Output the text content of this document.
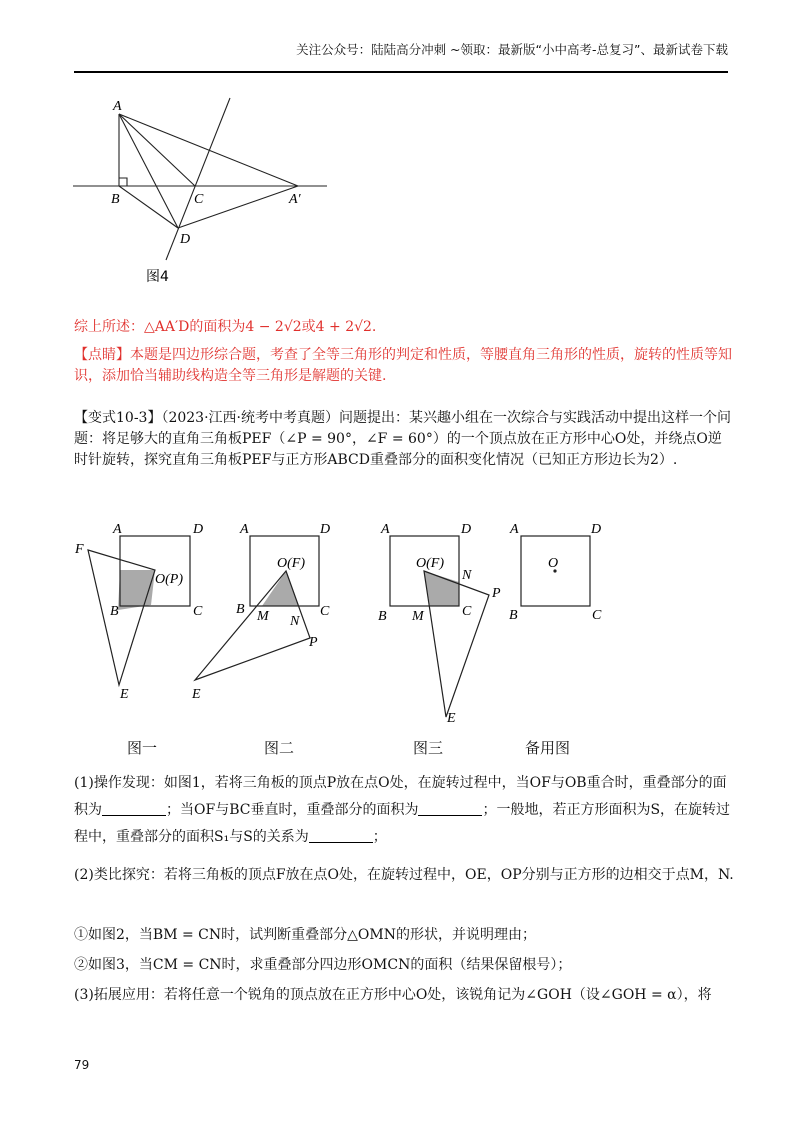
关注公众号：陆陆高分冲刺 ~领取：最新版“小中高考-总复习”、最新试卷下载
A
B	C	A′
D
图4
综上所述：△AA′D的面积为4 − 2√2或4 + 2√2.
【点睛】本题是四边形综合题，考查了全等三角形的判定和性质，等腰直角三角形的性质，旋转的性质等知识，添加恰当辅助线构造全等三角形是解题的关键.
【变式10-3】（2023·江西·统考中考真题）问题提出：某兴趣小组在一次综合与实践活动中提出这样一个问题：将足够大的直角三角板PEF（∠P = 90°，∠F = 60°）的一个顶点放在正方形中心O处，并绕点O逆时针旋转，探究直角三角板PEF与正方形ABCD重叠部分的面积变化情况（已知正方形边长为2）.
A	D
F
O(P)
B	C
E
A	D
O(F)
B M N
C
P
E
A	D
O(F)
N
P
B M	C
E
A	D
O
B	C
图一	图二	图三	备用图
(1)操作发现：如图1，若将三角板的顶点P放在点O处，在旋转过程中，当OF与OB重合时，重叠部分的面积为	；当OF与BC垂直时，重叠部分的面积为	；一般地，若正方形面积为S，在旋转过程中，重叠部分的面积S₁与S的关系为	；
(2)类比探究：若将三角板的顶点F放在点O处，在旋转过程中，OE，OP分别与正方形的边相交于点M，N.
①如图2，当BM = CN时，试判断重叠部分△OMN的形状，并说明理由；
②如图3，当CM = CN时，求重叠部分四边形OMCN的面积（结果保留根号）；
(3)拓展应用：若将任意一个锐角的顶点放在正方形中心O处，该锐角记为∠GOH（设∠GOH = α），将
79
